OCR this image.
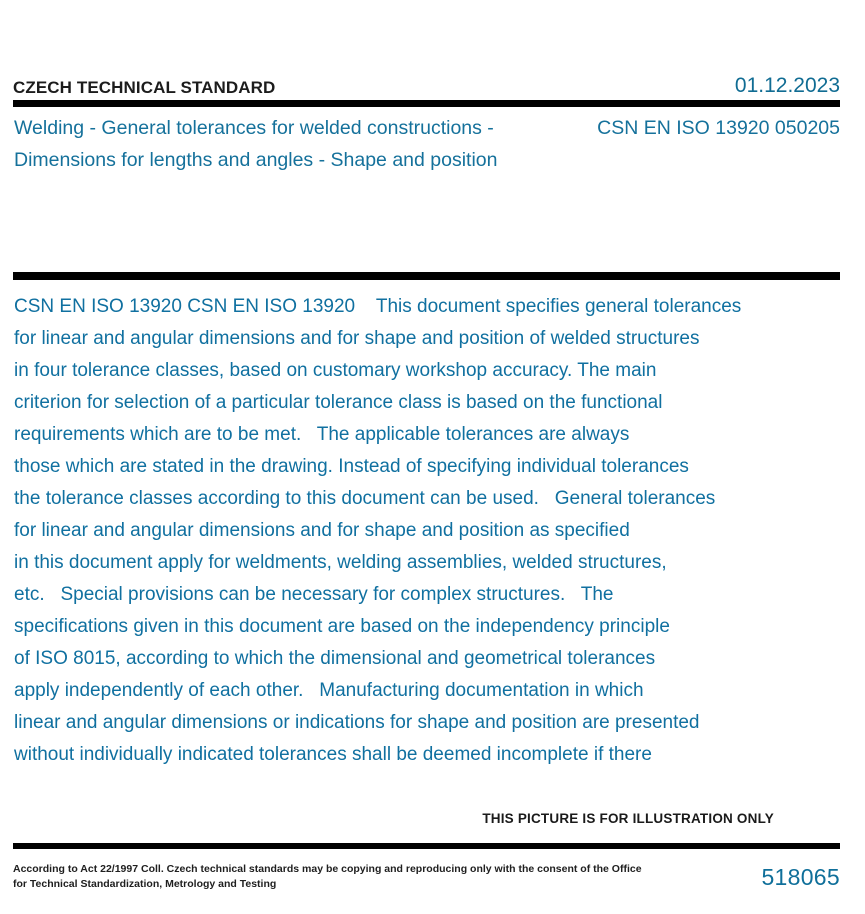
CZECH TECHNICAL STANDARD	01.12.2023
Welding - General tolerances for welded constructions - Dimensions for lengths and angles - Shape and position
CSN EN ISO 13920 050205
CSN EN ISO 13920 CSN EN ISO 13920    This document specifies general tolerances
for linear and angular dimensions and for shape and position of welded structures
in four tolerance classes, based on customary workshop accuracy. The main
criterion for selection of a particular tolerance class is based on the functional
requirements which are to be met.   The applicable tolerances are always
those which are stated in the drawing. Instead of specifying individual tolerances
the tolerance classes according to this document can be used.   General tolerances
for linear and angular dimensions and for shape and position as specified
in this document apply for weldments, welding assemblies, welded structures,
etc.   Special provisions can be necessary for complex structures.   The
specifications given in this document are based on the independency principle
of ISO 8015, according to which the dimensional and geometrical tolerances
apply independently of each other.   Manufacturing documentation in which
linear and angular dimensions or indications for shape and position are presented
without individually indicated tolerances shall be deemed incomplete if there
THIS PICTURE IS FOR ILLUSTRATION ONLY
According to Act 22/1997 Coll. Czech technical standards may be copying and reproducing only with the consent of the Office
for Technical Standardization, Metrology and Testing	518065
